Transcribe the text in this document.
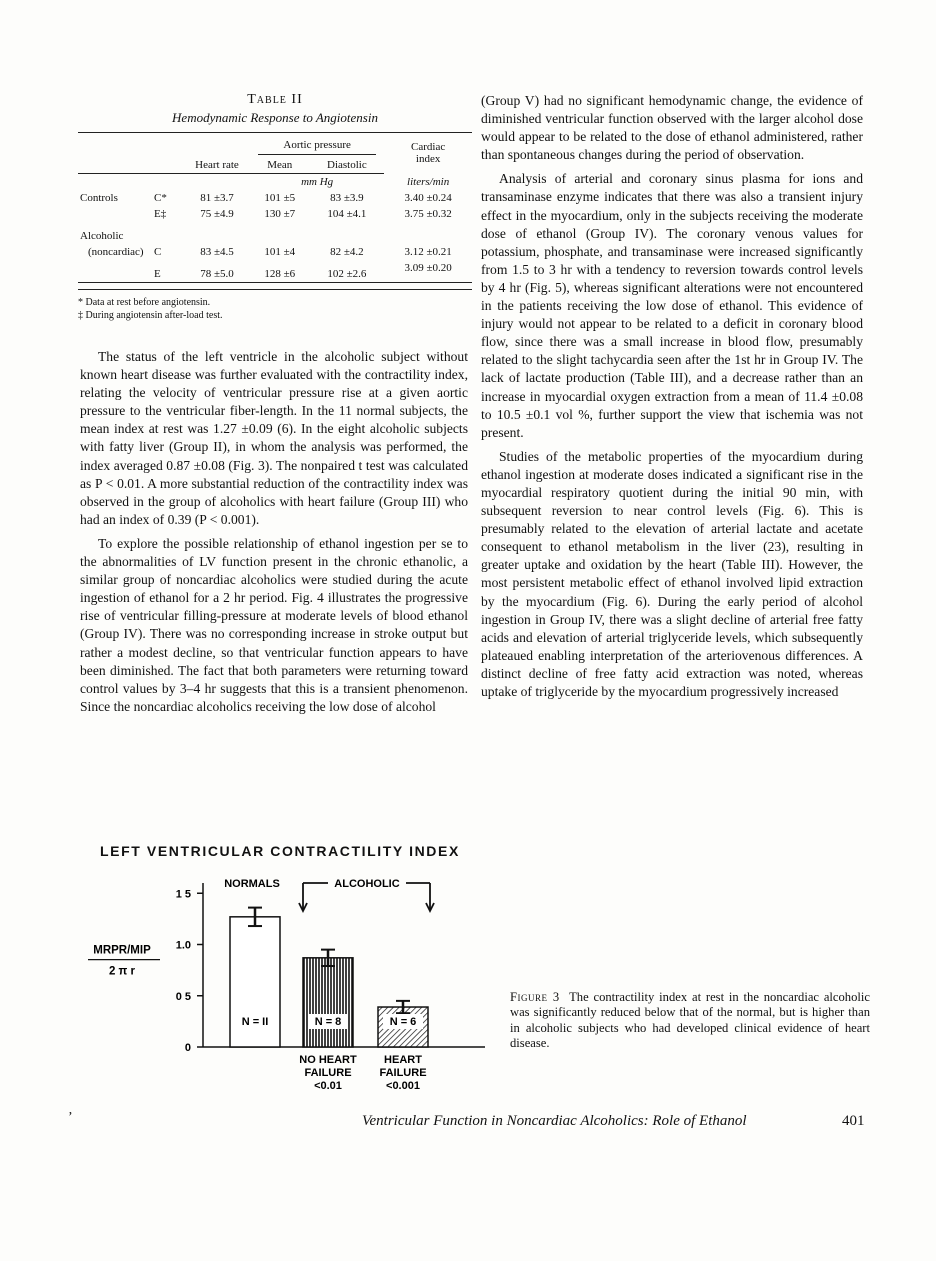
Table II
Hemodynamic Response to Angiotensin
			Aortic pressure		Cardiac
index
		Heart rate	Mean	Diastolic	
			mm Hg		liters/min
Controls	C*	81 ±3.7	101 ±5	83 ±3.9	3.40 ±0.24
	E‡	75 ±4.9	130 ±7	104 ±4.1	3.75 ±0.32
Alcoholic					
(noncardiac)	C	83 ±4.5	101 ±4	82 ±4.2	3.12 ±0.21
	E	78 ±5.0	128 ±6	102 ±2.6	3.09 ±0.20
* Data at rest before angiotensin.
‡ During angiotensin after-load test.

The status of the left ventricle in the alcoholic subject without known heart disease was further evaluated with the contractility index, relating the velocity of ventricular pressure rise at a given aortic pressure to the ventricular fiber-length. In the 11 normal subjects, the mean index at rest was 1.27 ±0.09 (6). In the eight alcoholic subjects with fatty liver (Group II), in whom the analysis was performed, the index averaged 0.87 ±0.08 (Fig. 3). The nonpaired t test was calculated as P < 0.01. A more substantial reduction of the contractility index was observed in the group of alcoholics with heart failure (Group III) who had an index of 0.39 (P < 0.001).

To explore the possible relationship of ethanol ingestion per se to the abnormalities of LV function present in the chronic ethanolic, a similar group of noncardiac alcoholics were studied during the acute ingestion of ethanol for a 2 hr period. Fig. 4 illustrates the progressive rise of ventricular filling-pressure at moderate levels of blood ethanol (Group IV). There was no corresponding increase in stroke output but rather a modest decline, so that ventricular function appears to have been diminished. The fact that both parameters were returning toward control values by 3–4 hr suggests that this is a transient phenomenon. Since the noncardiac alcoholics receiving the low dose of alcohol

(Group V) had no significant hemodynamic change, the evidence of diminished ventricular function observed with the larger alcohol dose would appear to be related to the dose of ethanol administered, rather than spontaneous changes during the period of observation.

Analysis of arterial and coronary sinus plasma for ions and transaminase enzyme indicates that there was also a transient injury effect in the myocardium, only in the subjects receiving the moderate dose of ethanol (Group IV). The coronary venous values for potassium, phosphate, and transaminase were increased significantly from 1.5 to 3 hr with a tendency to reversion towards control levels by 4 hr (Fig. 5), whereas significant alterations were not encountered in the patients receiving the low dose of ethanol. This evidence of injury would not appear to be related to a deficit in coronary blood flow, since there was a small increase in blood flow, presumably related to the slight tachycardia seen after the 1st hr in Group IV. The lack of lactate production (Table III), and a decrease rather than an increase in myocardial oxygen extraction from a mean of 11.4 ±0.08 to 10.5 ±0.1 vol %, further support the view that ischemia was not present.

Studies of the metabolic properties of the myocardium during ethanol ingestion at moderate doses indicated a significant rise in the myocardial respiratory quotient during the initial 90 min, with subsequent reversion to near control levels (Fig. 6). This is presumably related to the elevation of arterial lactate and acetate consequent to ethanol metabolism in the liver (23), resulting in greater uptake and oxidation by the heart (Table III). However, the most persistent metabolic effect of ethanol involved lipid extraction by the myocardium (Fig. 6). During the early period of alcohol ingestion in Group IV, there was a slight decline of arterial free fatty acids and elevation of arterial triglyceride levels, which subsequently plateaued enabling interpretation of the arteriovenous differences. A distinct decline of free fatty acid extraction was noted, whereas uptake of triglyceride by the myocardium progressively increased

LEFT VENTRICULAR CONTRACTILITY INDEX
0
0 5
1.0
1 5
MRPR/MIP
2 π r
N = II	N = 8
NO HEART
FAILURE
<0.01
N = 6
HEART
FAILURE
<0.001
NORMALS	ALCOHOLIC
Figure 3 The contractility index at rest in the noncardiac alcoholic was significantly reduced below that of the normal, but is higher than in alcoholic subjects who had developed clinical evidence of heart disease.
’	Ventricular Function in Noncardiac Alcoholics: Role of Ethanol	401
